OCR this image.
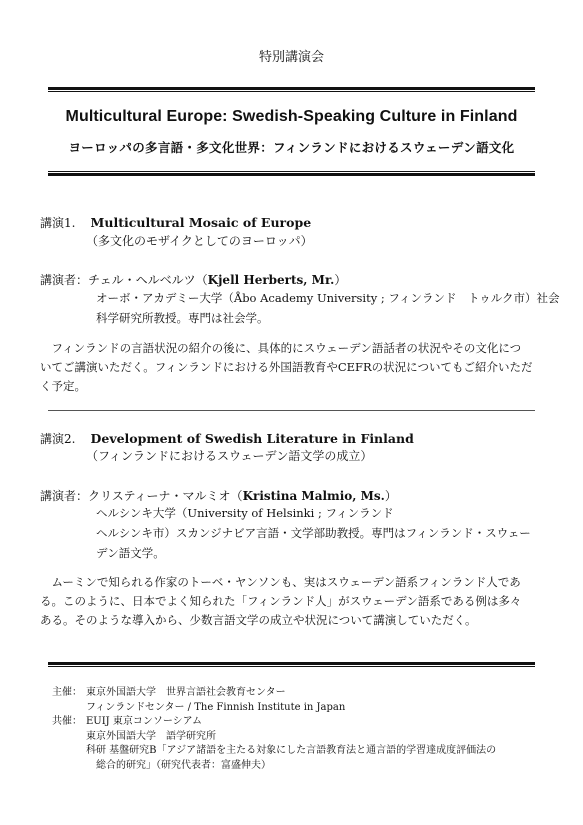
特別講演会
Multicultural Europe: Swedish-Speaking Culture in Finland
ヨーロッパの多言語・多文化世界：フィンランドにおけるスウェーデン語文化
講演1. Multicultural Mosaic of Europe
（多文化のモザイクとしてのヨーロッパ）
講演者：チェル・ヘルベルツ（Kjell Herberts, Mr.）
オーボ・アカデミー大学（Åbo Academy University ; フィンランド　トゥルク市）社会
科学研究所教授。専門は社会学。
　フィンランドの言語状況の紹介の後に、具体的にスウェーデン語話者の状況やその文化につ
いてご講演いただく。フィンランドにおける外国語教育やCEFRの状況についてもご紹介いただ
く予定。
講演2. Development of Swedish Literature in Finland
（フィンランドにおけるスウェーデン語文学の成立）
講演者：クリスティーナ・マルミオ（Kristina Malmio, Ms.）
ヘルシンキ大学（University of Helsinki ; フィンランド
ヘルシンキ市）スカンジナビア言語・文学部助教授。専門はフィンランド・スウェー
デン語文学。
　ムーミンで知られる作家のトーベ・ヤンソンも、実はスウェーデン語系フィンランド人であ
る。このように、日本でよく知られた「フィンランド人」がスウェーデン語系である例は多々
ある。そのような導入から、少数言語文学の成立や状況について講演していただく。
主催： 東京外国語大学　世界言語社会教育センター
フィンランドセンター / The Finnish Institute in Japan
共催： EUIJ 東京コンソーシアム
東京外国語大学　語学研究所
科研 基盤研究B「アジア諸語を主たる対象にした言語教育法と通言語的学習達成度評価法の
　総合的研究」（研究代表者：富盛伸夫）
